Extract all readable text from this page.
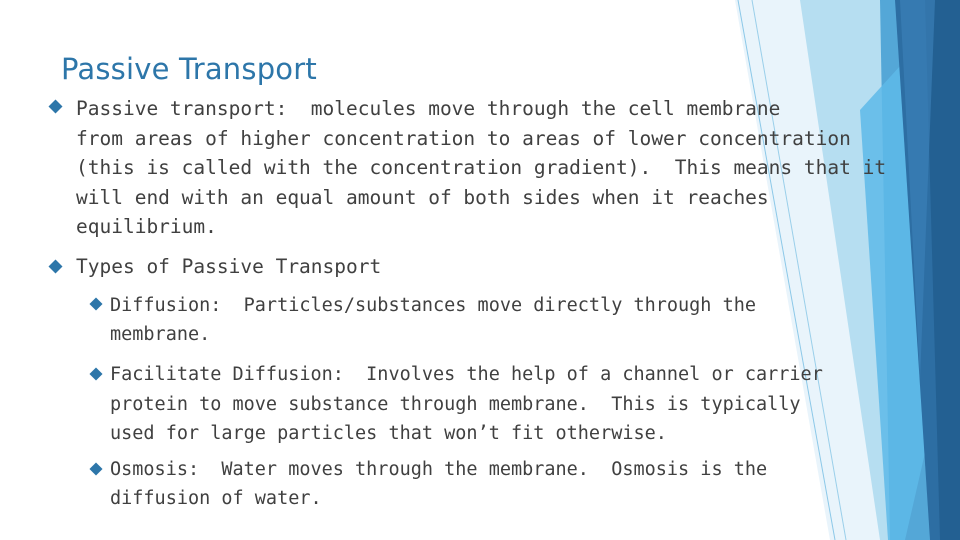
Passive Transport

Passive transport:  molecules move through the cell membrane
from areas of higher concentration to areas of lower concentration
(this is called with the concentration gradient).  This means that it
will end with an equal amount of both sides when it reaches
equilibrium.

Types of Passive Transport

Diffusion:  Particles/substances move directly through the

membrane.

Facilitate Diffusion:  Involves the help of a channel or carrier
protein to move substance through membrane.  This is typically
used for large particles that won’t fit otherwise.

Osmosis:  Water moves through the membrane.  Osmosis is the

diffusion of water.
